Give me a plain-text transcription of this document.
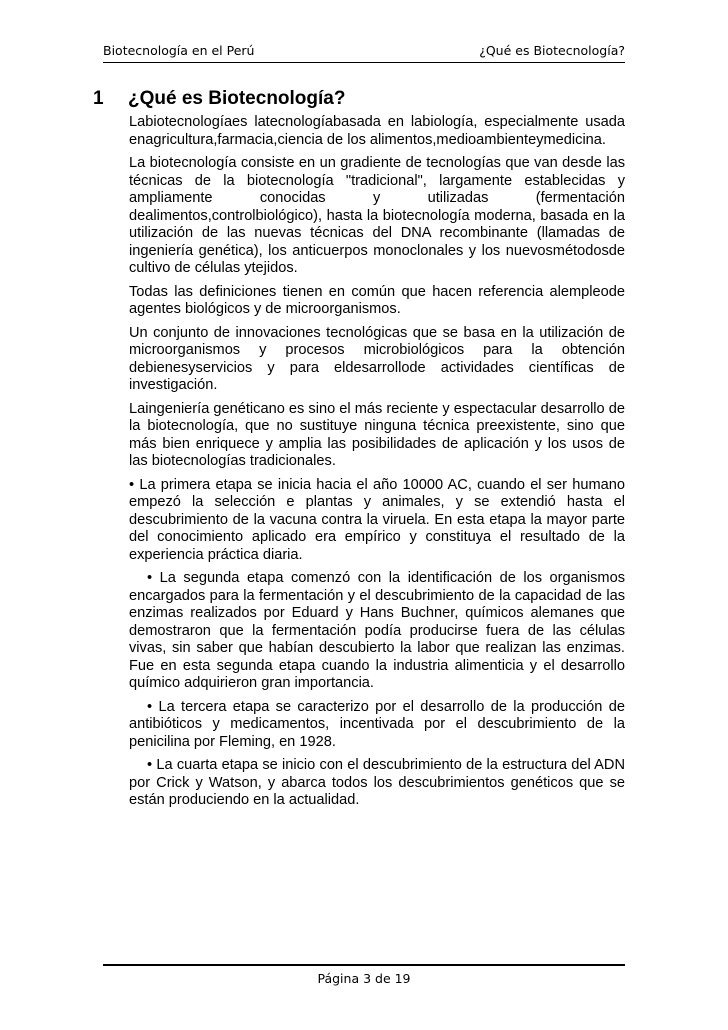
Biotecnología en el Perú	¿Qué es Biotecnología?
1 ¿Qué es Biotecnología?

Labiotecnologíaes latecnologíabasada en labiología, especialmente usada enagricultura,farmacia,ciencia de los alimentos,medioambienteymedicina.

La biotecnología consiste en un gradiente de tecnologías que van desde las técnicas de la biotecnología "tradicional", largamente establecidas y ampliamente conocidas y utilizadas (fermentación dealimentos,controlbiológico), hasta la biotecnología moderna, basada en la utilización de las nuevas técnicas del DNA recombinante (llamadas de ingeniería genética), los anticuerpos monoclonales y los nuevosmétodosde cultivo de células ytejidos.

Todas las definiciones tienen en común que hacen referencia alempleode agentes biológicos y de microorganismos.

Un conjunto de innovaciones tecnológicas que se basa en la utilización de microorganismos y procesos microbiológicos para la obtención debienesyservicios y para eldesarrollode actividades científicas de investigación.

Laingeniería genéticano es sino el más reciente y espectacular desarrollo de la biotecnología, que no sustituye ninguna técnica preexistente, sino que más bien enriquece y amplia las posibilidades de aplicación y los usos de las biotecnologías tradicionales.

• La primera etapa se inicia hacia el año 10000 AC, cuando el ser humano empezó la selección e plantas y animales, y se extendió hasta el descubrimiento de la vacuna contra la viruela. En esta etapa la mayor parte del conocimiento aplicado era empírico y constituya el resultado de la experiencia práctica diaria.

• La segunda etapa comenzó con la identificación de los organismos encargados para la fermentación y el descubrimiento de la capacidad de las enzimas realizados por Eduard y Hans Buchner, químicos alemanes que demostraron que la fermentación podía producirse fuera de las células vivas, sin saber que habían descubierto la labor que realizan las enzimas. Fue en esta segunda etapa cuando la industria alimenticia y el desarrollo químico adquirieron gran importancia.

• La tercera etapa se caracterizo por el desarrollo de la producción de antibióticos y medicamentos, incentivada por el descubrimiento de la penicilina por Fleming, en 1928.

• La cuarta etapa se inicio con el descubrimiento de la estructura del ADN por Crick y Watson, y abarca todos los descubrimientos genéticos que se están produciendo en la actualidad.

Página 3 de 19
